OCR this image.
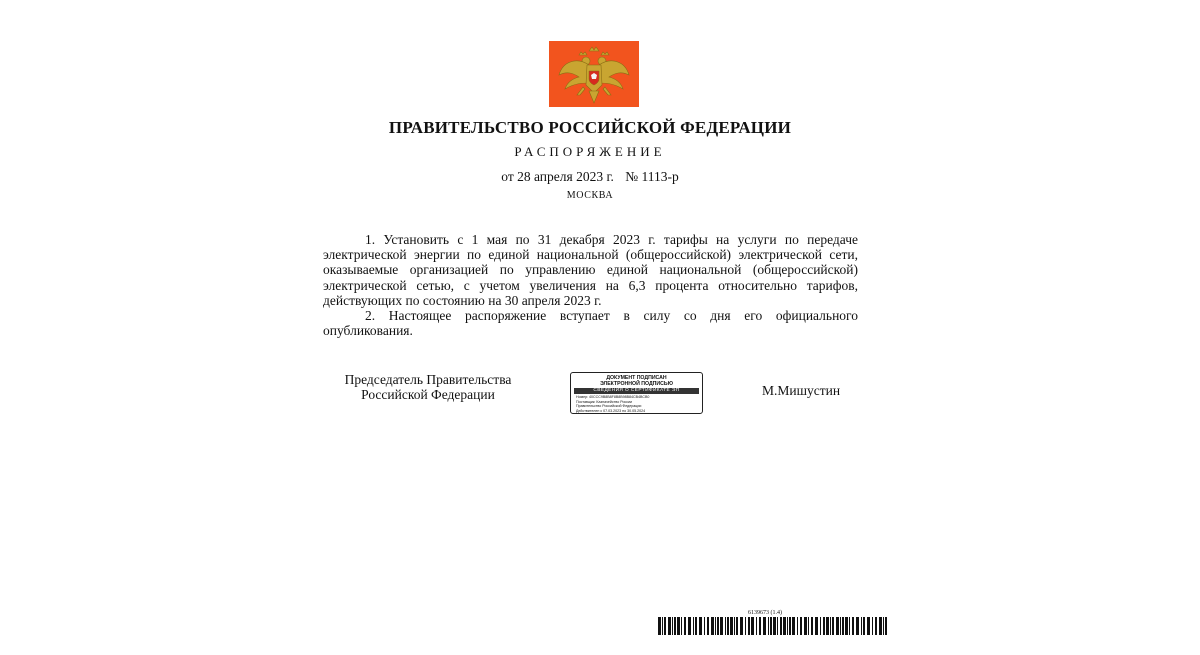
ПРАВИТЕЛЬСТВО РОССИЙСКОЙ ФЕДЕРАЦИИ
РАСПОРЯЖЕНИЕ
от 28 апреля 2023 г. № 1113-р
МОСКВА

1. Установить с 1 мая по 31 декабря 2023 г. тарифы на услуги по передаче электрической энергии по единой национальной (общероссийской) электрической сети, оказываемые организацией по управлению единой национальной (общероссийской) электрической сетью, с учетом увеличения на 6,3 процента относительно тарифов, действующих по состоянию на 30 апреля 2023 г.

2. Настоящее распоряжение вступает в силу со дня его официального опубликования.

Председатель Правительства
Российской Федерации
ДОКУМЕНТ ПОДПИСАН
ЭЛЕКТРОННОЙ ПОДПИСЬЮ
СВЕДЕНИЯ О СЕРТИФИКАТЕ ЭП
Номер: 40CCC9B8B8F8B8B98B84CB4BCB0
Поставщик: Казначейство России
Правительство Российской Федерации
Действителен с 07.03.2023 по 30.05.2024
М.Мишустин
6139673 (1.4)
